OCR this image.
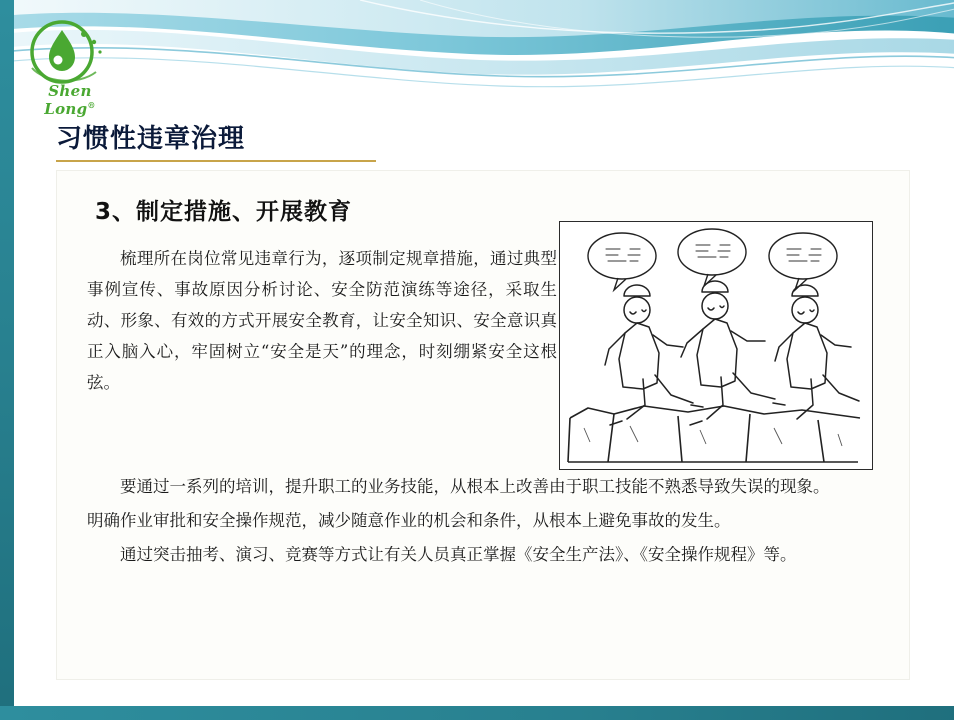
Shen Long®
习惯性违章治理
3、制定措施、开展教育
梳理所在岗位常见违章行为，逐项制定规章措施，通过典型事例宣传、事故原因分析讨论、安全防范演练等途径，采取生动、形象、有效的方式开展安全教育，让安全知识、安全意识真正入脑入心，牢固树立“安全是天”的理念，时刻绷紧安全这根弦。

要通过一系列的培训，提升职工的业务技能，从根本上改善由于职工技能不熟悉导致失误的现象。

明确作业审批和安全操作规范，减少随意作业的机会和条件，从根本上避免事故的发生。

通过突击抽考、演习、竞赛等方式让有关人员真正掌握《安全生产法》、《安全操作规程》等。
